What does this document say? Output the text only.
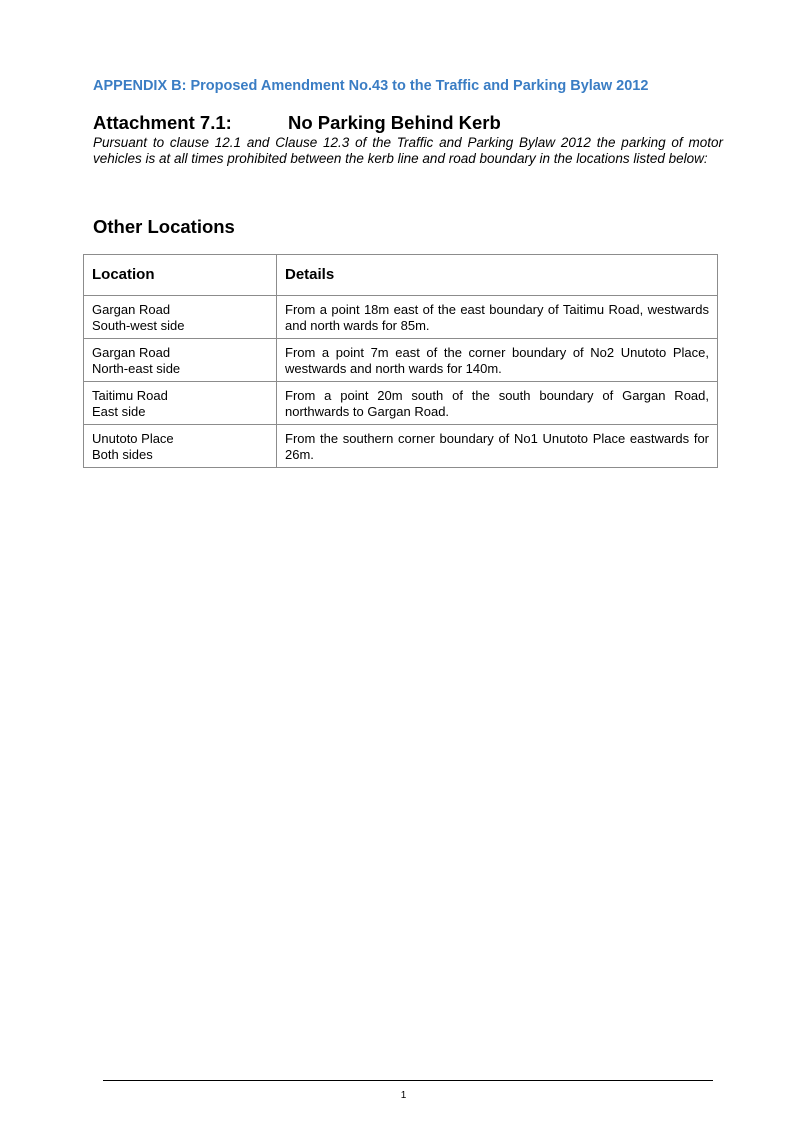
APPENDIX B: Proposed Amendment No.43 to the Traffic and Parking Bylaw 2012
Attachment 7.1:	No Parking Behind Kerb
Pursuant to clause 12.1 and Clause 12.3 of the Traffic and Parking Bylaw 2012 the parking of motor vehicles is at all times prohibited between the kerb line and road boundary in the locations listed below:
Other Locations
Location	Details

Gargan Road
South-west side	From a point 18m east of the east boundary of Taitimu Road, westwards and north wards for 85m.

Gargan Road
North-east side	From a point 7m east of the corner boundary of No2 Unutoto Place, westwards and north wards for 140m.

Taitimu Road
East side	From a point 20m south of the south boundary of Gargan Road, northwards to Gargan Road.

Unutoto Place
Both sides	From the southern corner boundary of No1 Unutoto Place eastwards for 26m.
1
